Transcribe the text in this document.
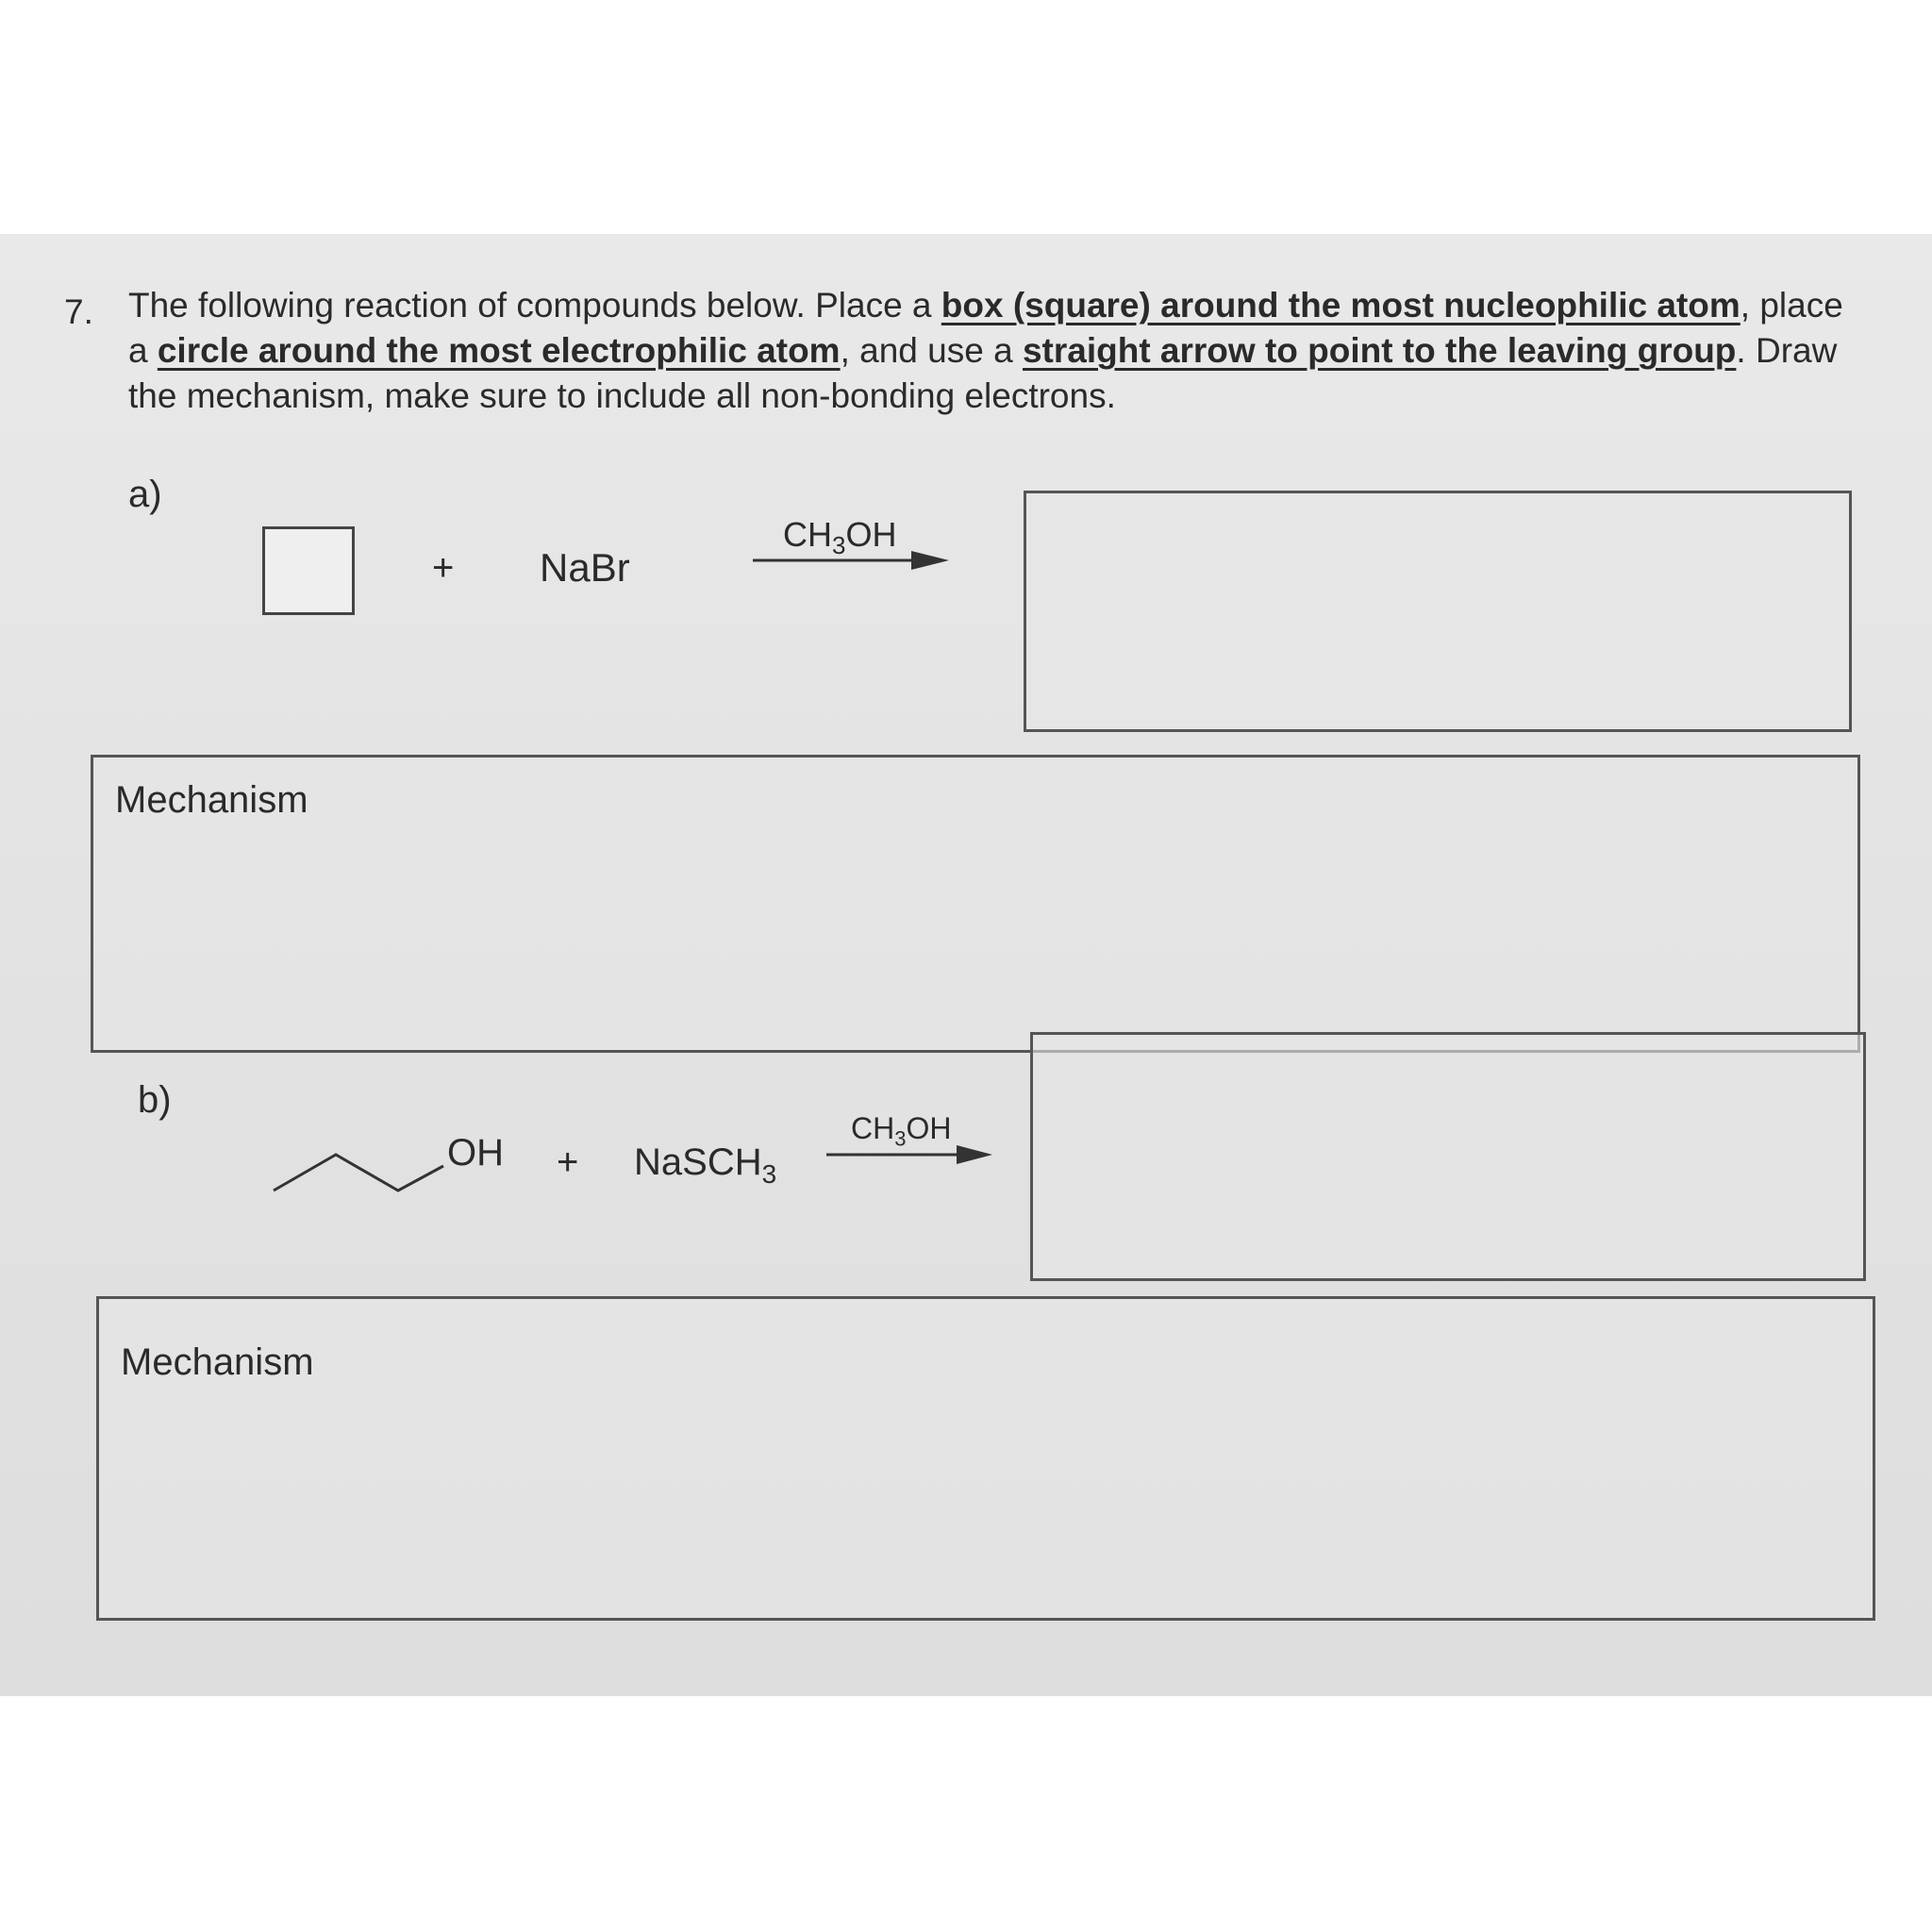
7. The following reaction of compounds below. Place a box (square) around the most nucleophilic atom, place a circle around the most electrophilic atom, and use a straight arrow to point to the leaving group. Draw the mechanism, make sure to include all non-bonding electrons.
a)
+ NaBr
$CH_3OH$
Mechanism
b)
OH + NaSCH$_3$
$CH_3OH$
Mechanism
